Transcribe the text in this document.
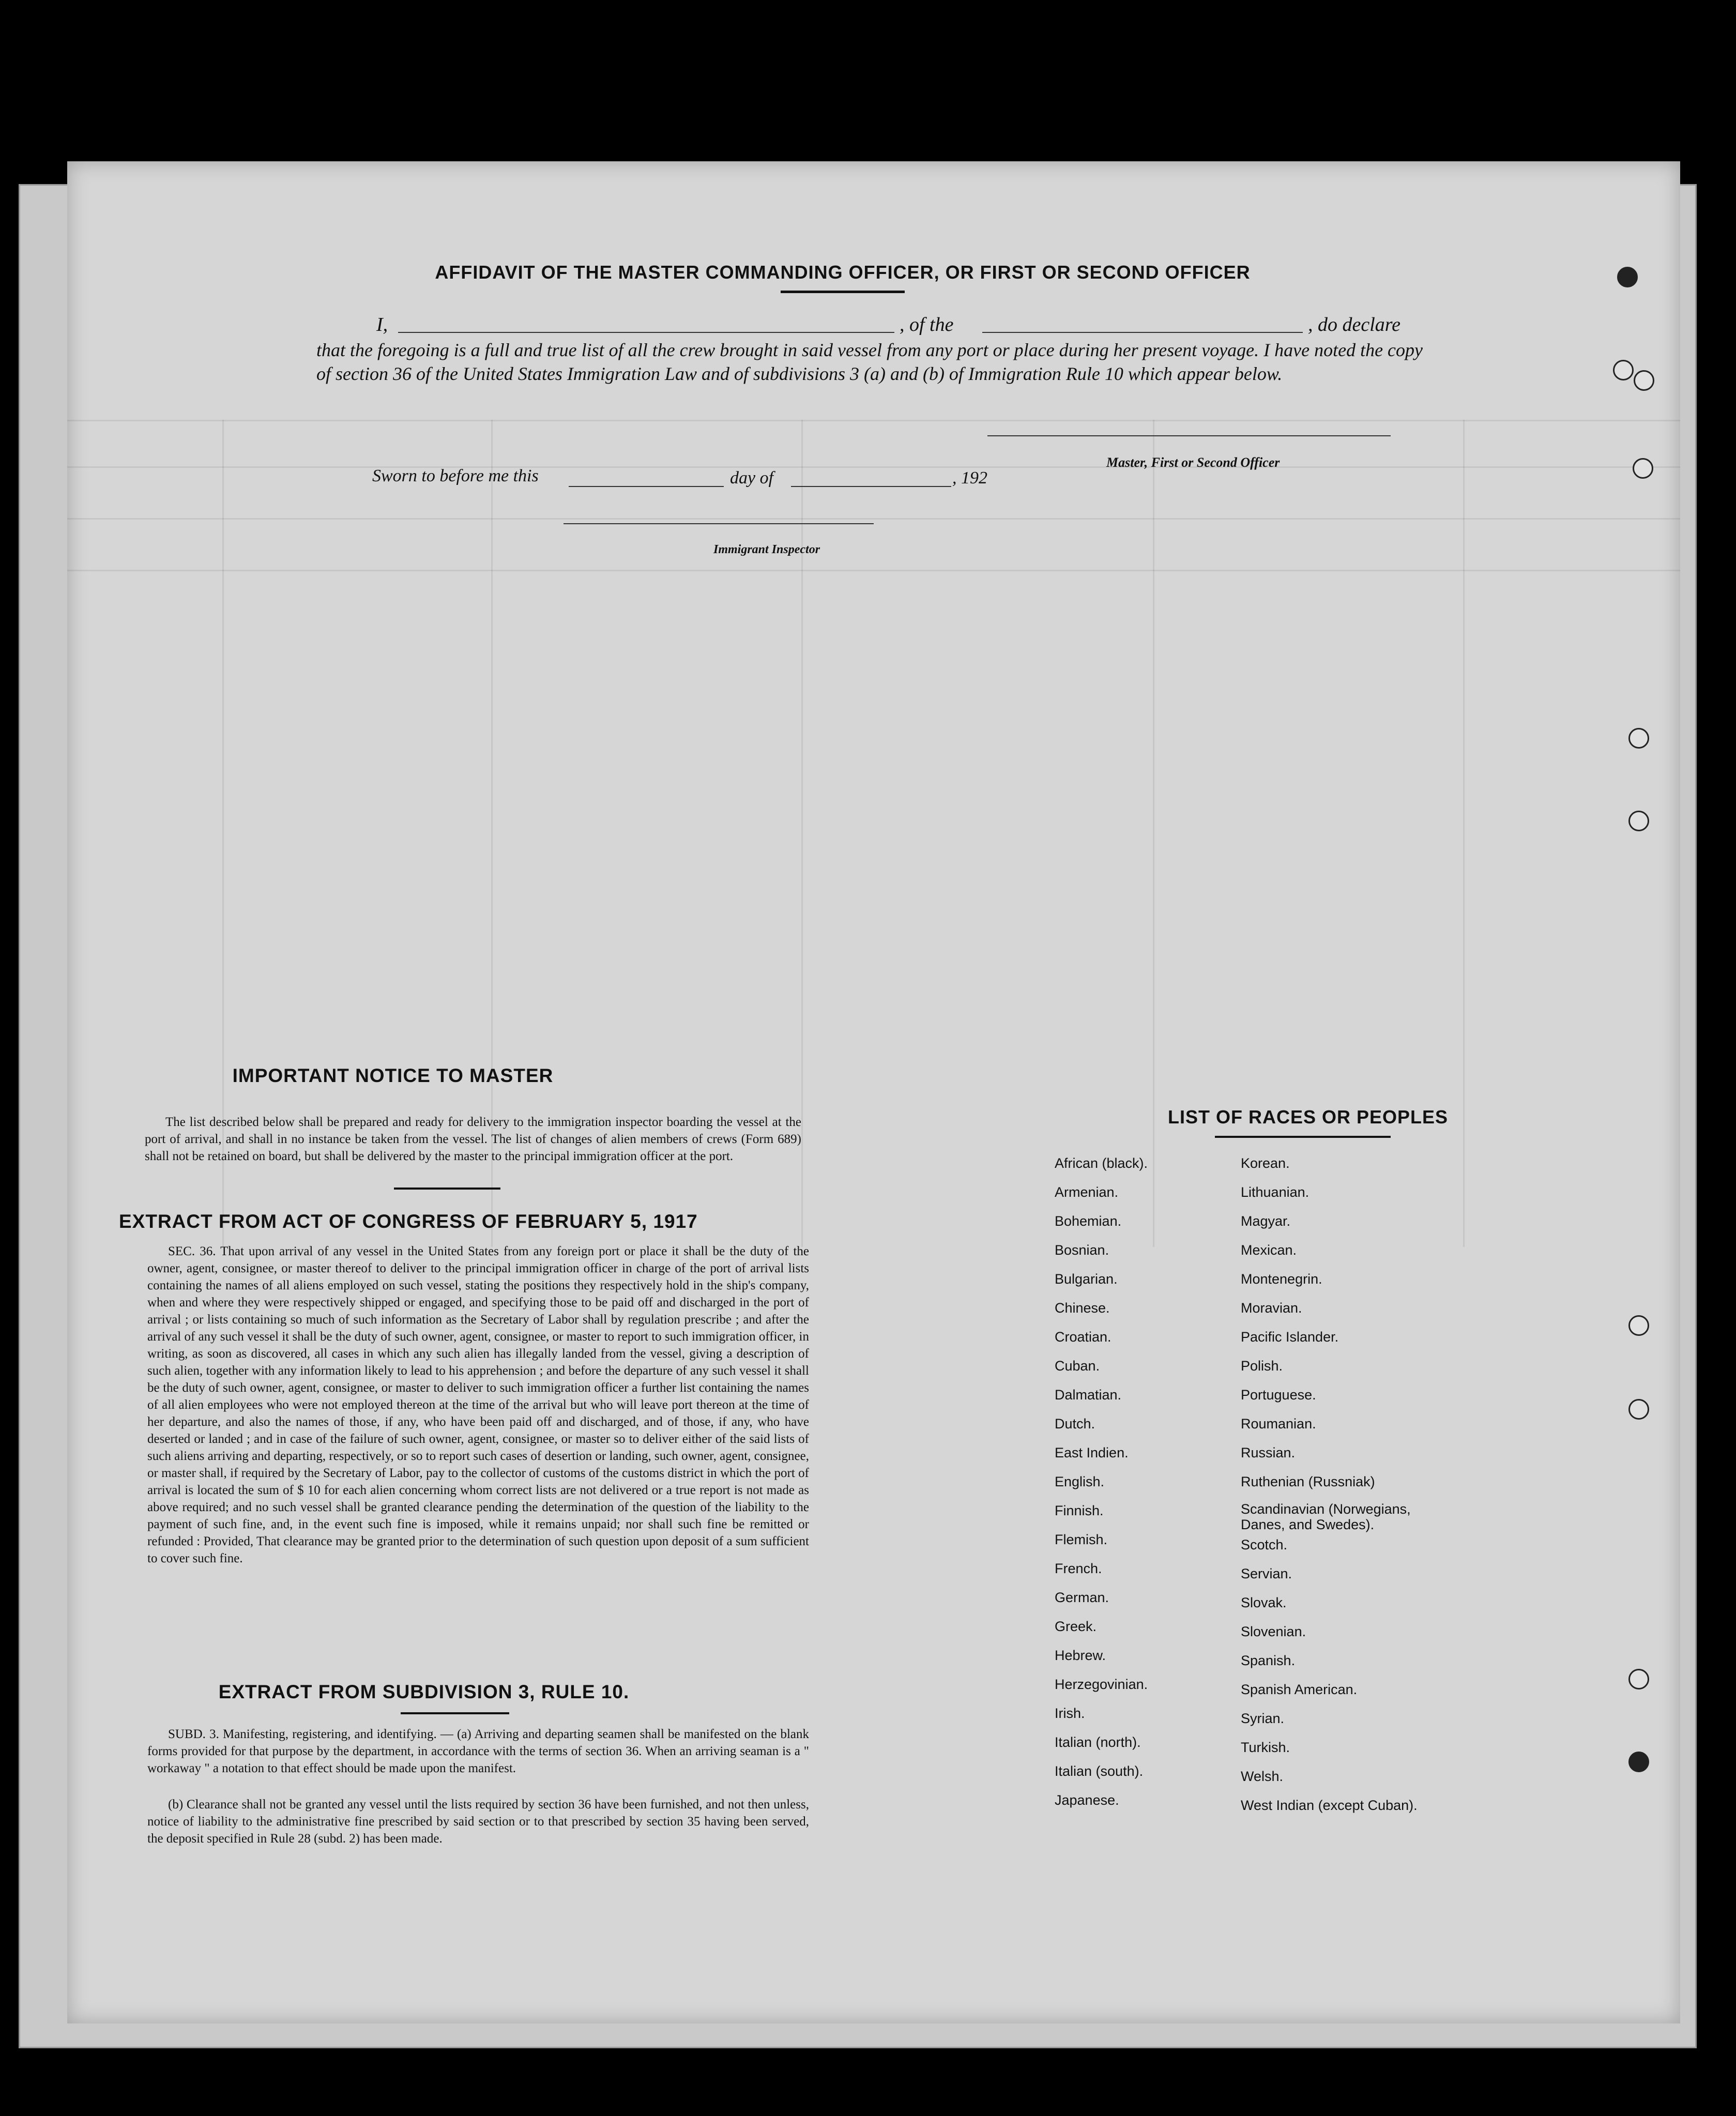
AFFIDAVIT OF THE MASTER COMMANDING OFFICER, OR FIRST OR SECOND OFFICER
I,	, of the	, do declare
that the foregoing is a full and true list of all the crew brought in said vessel from any port or place during her present voyage. I have noted the copy of section 36 of the United States Immigration Law and of subdivisions 3 (a) and (b) of Immigration Rule 10 which appear below.
Master, First or Second Officer
Sworn to before me this	day of	, 192
Immigrant Inspector
IMPORTANT NOTICE TO MASTER
The list described below shall be prepared and ready for delivery to the immigration inspector boarding the vessel at the port of arrival, and shall in no instance be taken from the vessel. The list of changes of alien members of crews (Form 689) shall not be retained on board, but shall be delivered by the master to the principal immigration officer at the port.
EXTRACT FROM ACT OF CONGRESS OF FEBRUARY 5, 1917
SEC. 36. That upon arrival of any vessel in the United States from any foreign port or place it shall be the duty of the owner, agent, consignee, or master thereof to deliver to the principal immigration officer in charge of the port of arrival lists containing the names of all aliens employed on such vessel, stating the positions they respectively hold in the ship's company, when and where they were respectively shipped or engaged, and specifying those to be paid off and discharged in the port of arrival ; or lists containing so much of such information as the Secretary of Labor shall by regulation prescribe ; and after the arrival of any such vessel it shall be the duty of such owner, agent, consignee, or master to report to such immigration officer, in writing, as soon as discovered, all cases in which any such alien has illegally landed from the vessel, giving a description of such alien, together with any information likely to lead to his apprehension ; and before the departure of any such vessel it shall be the duty of such owner, agent, consignee, or master to deliver to such immigration officer a further list containing the names of all alien employees who were not employed thereon at the time of the arrival but who will leave port thereon at the time of her departure, and also the names of those, if any, who have been paid off and discharged, and of those, if any, who have deserted or landed ; and in case of the failure of such owner, agent, consignee, or master so to deliver either of the said lists of such aliens arriving and departing, respectively, or so to report such cases of desertion or landing, such owner, agent, consignee, or master shall, if required by the Secretary of Labor, pay to the collector of customs of the customs district in which the port of arrival is located the sum of $ 10 for each alien concerning whom correct lists are not delivered or a true report is not made as above required; and no such vessel shall be granted clearance pending the determination of the question of the liability to the payment of such fine, and, in the event such fine is imposed, while it remains unpaid; nor shall such fine be remitted or refunded : Provided, That clearance may be granted prior to the determination of such question upon deposit of a sum sufficient to cover such fine.
EXTRACT FROM SUBDIVISION 3, RULE 10.
SUBD. 3. Manifesting, registering, and identifying. — (a) Arriving and departing seamen shall be manifested on the blank forms provided for that purpose by the department, in accordance with the terms of section 36. When an arriving seaman is a " workaway " a notation to that effect should be made upon the manifest.
(b) Clearance shall not be granted any vessel until the lists required by section 36 have been furnished, and not then unless, notice of liability to the administrative fine prescribed by said section or to that prescribed by section 35 having been served, the deposit specified in Rule 28 (subd. 2) has been made.
LIST OF RACES OR PEOPLES
African (black).
Armenian.
Bohemian.
Bosnian.
Bulgarian.
Chinese.
Croatian.
Cuban.
Dalmatian.
Dutch.
East Indien.
English.
Finnish.
Flemish.
French.
German.
Greek.
Hebrew.
Herzegovinian.
Irish.
Italian (north).
Italian (south).
Japanese.
Korean.
Lithuanian.
Magyar.
Mexican.
Montenegrin.
Moravian.
Pacific Islander.
Polish.
Portuguese.
Roumanian.
Russian.
Ruthenian (Russniak)
Scandinavian (Norwegians, Danes, and Swedes).
Scotch.
Servian.
Slovak.
Slovenian.
Spanish.
Spanish American.
Syrian.
Turkish.
Welsh.
West Indian (except Cuban).
